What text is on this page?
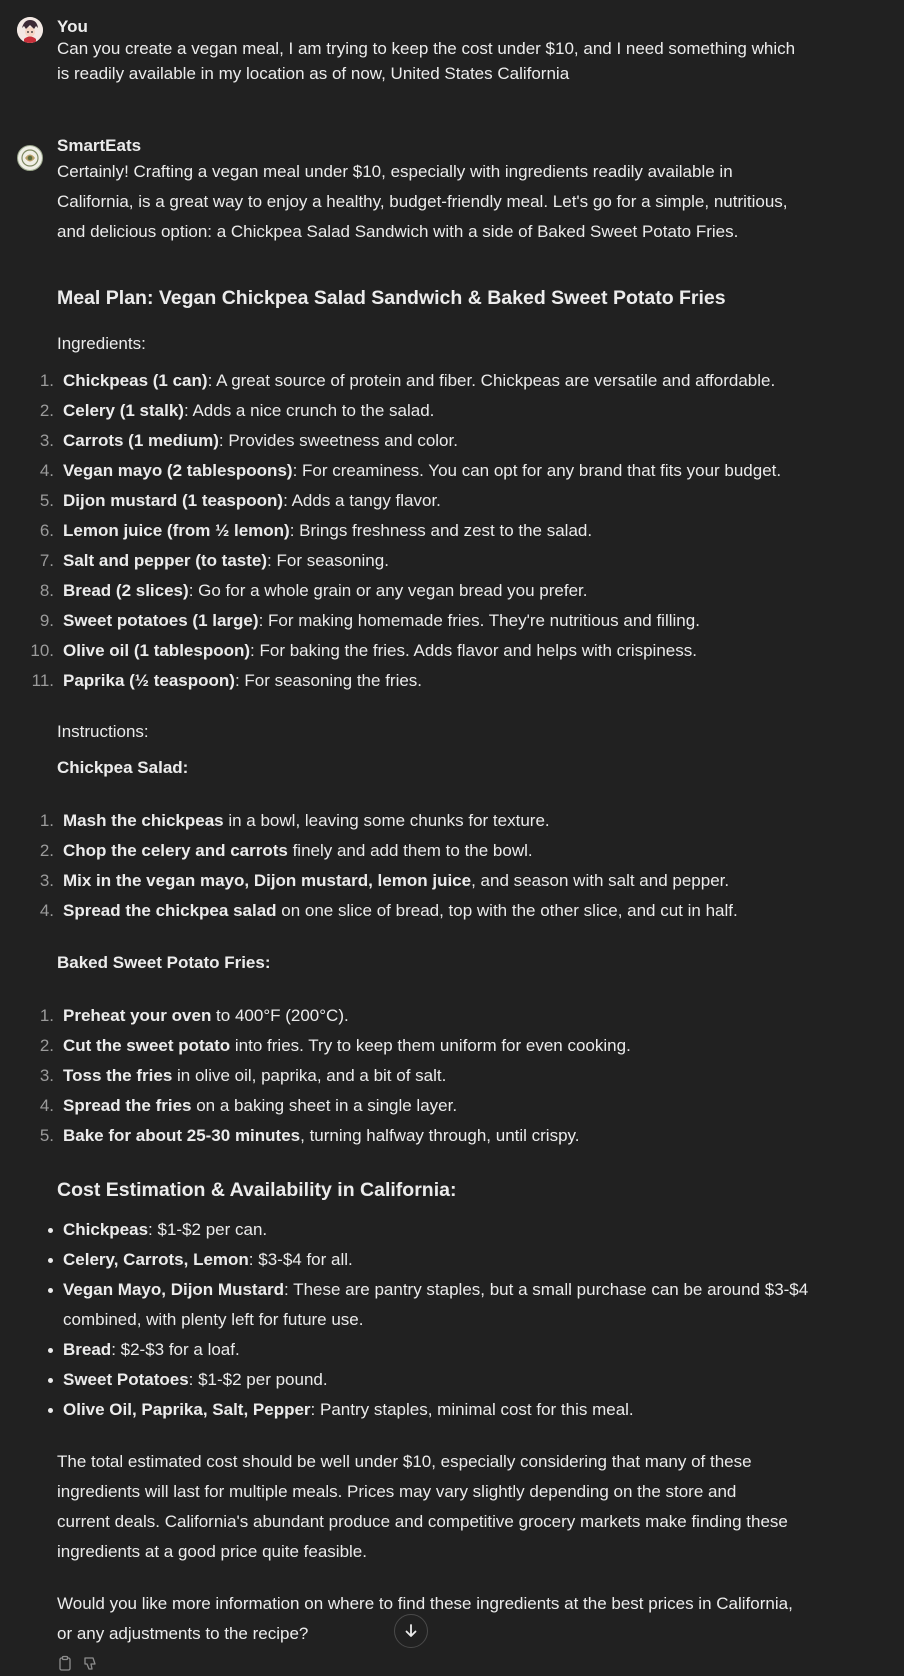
You
Can you create a vegan meal, I am trying to keep the cost under $10, and I need something which
is readily available in my location as of now, United States California
SmartEats
Certainly! Crafting a vegan meal under $10, especially with ingredients readily available in
California, is a great way to enjoy a healthy, budget-friendly meal. Let's go for a simple, nutritious,
and delicious option: a Chickpea Salad Sandwich with a side of Baked Sweet Potato Fries.
Meal Plan: Vegan Chickpea Salad Sandwich & Baked Sweet Potato Fries
Ingredients:
1. Chickpeas (1 can): A great source of protein and fiber. Chickpeas are versatile and affordable.
2. Celery (1 stalk): Adds a nice crunch to the salad.
3. Carrots (1 medium): Provides sweetness and color.
4. Vegan mayo (2 tablespoons): For creaminess. You can opt for any brand that fits your budget.
5. Dijon mustard (1 teaspoon): Adds a tangy flavor.
6. Lemon juice (from ½ lemon): Brings freshness and zest to the salad.
7. Salt and pepper (to taste): For seasoning.
8. Bread (2 slices): Go for a whole grain or any vegan bread you prefer.
9. Sweet potatoes (1 large): For making homemade fries. They're nutritious and filling.
10. Olive oil (1 tablespoon): For baking the fries. Adds flavor and helps with crispiness.
11. Paprika (½ teaspoon): For seasoning the fries.
Instructions:
Chickpea Salad:
1. Mash the chickpeas in a bowl, leaving some chunks for texture.
2. Chop the celery and carrots finely and add them to the bowl.
3. Mix in the vegan mayo, Dijon mustard, lemon juice, and season with salt and pepper.
4. Spread the chickpea salad on one slice of bread, top with the other slice, and cut in half.
Baked Sweet Potato Fries:
1. Preheat your oven to 400°F (200°C).
2. Cut the sweet potato into fries. Try to keep them uniform for even cooking.
3. Toss the fries in olive oil, paprika, and a bit of salt.
4. Spread the fries on a baking sheet in a single layer.
5. Bake for about 25-30 minutes, turning halfway through, until crispy.
Cost Estimation & Availability in California:
Chickpeas: $1-$2 per can.
Celery, Carrots, Lemon: $3-$4 for all.
Vegan Mayo, Dijon Mustard: These are pantry staples, but a small purchase can be around $3-$4 combined, with plenty left for future use.
Bread: $2-$3 for a loaf.
Sweet Potatoes: $1-$2 per pound.
Olive Oil, Paprika, Salt, Pepper: Pantry staples, minimal cost for this meal.
The total estimated cost should be well under $10, especially considering that many of these
ingredients will last for multiple meals. Prices may vary slightly depending on the store and
current deals. California's abundant produce and competitive grocery markets make finding these
ingredients at a good price quite feasible.
Would you like more information on where to find these ingredients at the best prices in California,
or any adjustments to the recipe?
